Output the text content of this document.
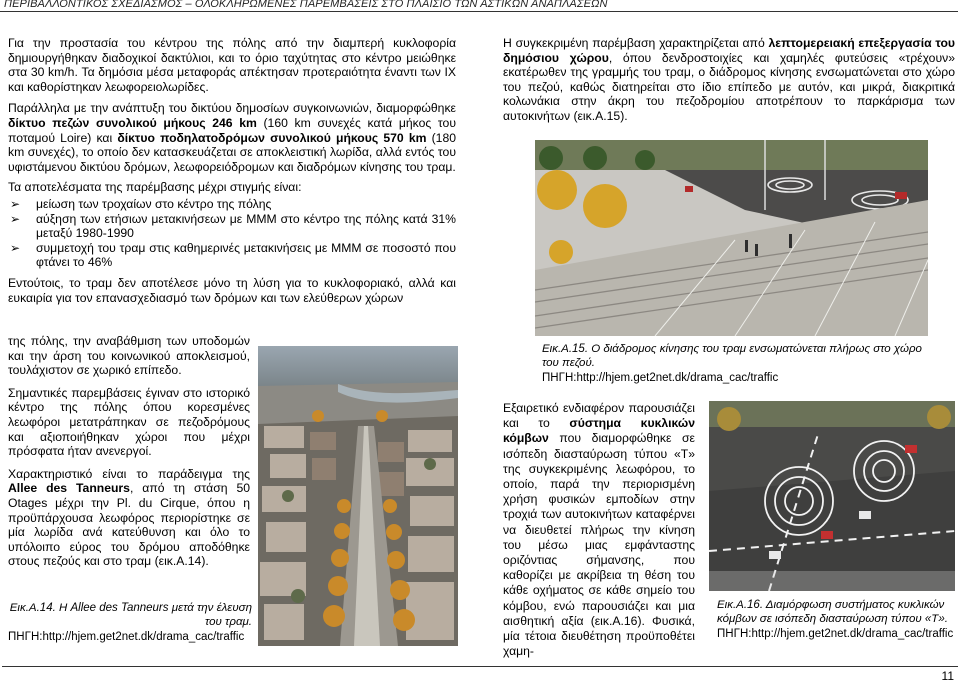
ΠΕΡΙΒΑΛΛΟΝΤΙΚΟΣ ΣΧΕΔΙΑΣΜΟΣ – ΟΛΟΚΛΗΡΩΜΕΝΕΣ ΠΑΡΕΜΒΑΣΕΙΣ ΣΤΟ ΠΛΑΙΣΙΟ ΤΩΝ ΑΣΤΙΚΩΝ ΑΝΑΠΛΑΣΕΩΝ

Για την προστασία του κέντρου της πόλης από την διαμπερή κυκλοφορία δημιουργήθηκαν διαδοχικοί δακτύλιοι, και το όριο ταχύτητας στο κέντρο μειώθηκε στα 30 km/h. Τα δημόσια μέσα μεταφοράς απέκτησαν προτεραιότητα έναντι των ΙΧ και καθορίστηκαν λεωφορειολωρίδες.

Παράλληλα με την ανάπτυξη του δικτύου δημοσίων συγκοινωνιών, διαμορφώθηκε δίκτυο πεζών συνολικού μήκους 246 km (160 km συνεχές κατά μήκος του ποταμού Loire) και δίκτυο ποδηλατοδρόμων συνολικού μήκους 570 km (180 km συνεχές), το οποίο δεν κατασκευάζεται σε αποκλειστική λωρίδα, αλλά εντός του υφιστάμενου δικτύου δρόμων, λεωφορειόδρομων και διαδρόμων κίνησης του τραμ.

Τα αποτελέσματα της παρέμβασης μέχρι στιγμής είναι:

➢ μείωση των τροχαίων στο κέντρο της πόλης
➢ αύξηση των ετήσιων μετακινήσεων με ΜΜΜ στο κέντρο της πόλης κατά 31% μεταξύ 1980-1990
➢ συμμετοχή του τραμ στις καθημερινές μετακινήσεις με ΜΜΜ σε ποσοστό που φτάνει το 46%

Εντούτοις, το τραμ δεν αποτέλεσε μόνο τη λύση για το κυκλοφοριακό, αλλά και ευκαιρία για τον επανασχεδιασμό των δρόμων και των ελεύθερων χώρων

της πόλης, την αναβάθμιση των υποδομών και την άρση του κοινωνικού αποκλεισμού, τουλάχιστον σε χωρικό επίπεδο.

Σημαντικές παρεμβάσεις έγιναν στο ιστορικό κέντρο της πόλης όπου κορεσμένες λεωφόροι μετατράπηκαν σε πεζοδρόμους και αξιοποιήθηκαν χώροι που μέχρι πρόσφατα ήταν ανενεργοί.

Χαρακτηριστικό είναι το παράδειγμα της Allee des Tanneurs, από τη στάση 50 Otages μέχρι την Pl. du Cirque, όπου η προϋπάρχουσα λεωφόρος περιορίστηκε σε μία λωρίδα ανά κατεύθυνση και όλο το υπόλοιπο εύρος του δρόμου αποδόθηκε στους πεζούς και στο τραμ (εικ.Α.14).

Εικ.Α.14. Η Allee des Tanneurs μετά την έλευση του τραμ.
ΠΗΓΗ:http://hjem.get2net.dk/drama_cac/traffic

Η συγκεκριμένη παρέμβαση χαρακτηρίζεται από λεπτομερειακή επεξεργασία του δημόσιου χώρου, όπου δενδροστοιχίες και χαμηλές φυτεύσεις «τρέχουν» εκατέρωθεν της γραμμής του τραμ, ο διάδρομος κίνησης ενσωματώνεται στο χώρο του πεζού, καθώς διατηρείται στο ίδιο επίπεδο με αυτόν, και μικρά, διακριτικά κολωνάκια στην άκρη του πεζοδρομίου αποτρέπουν το παρκάρισμα των αυτοκινήτων (εικ.Α.15).

Εικ.Α.15. Ο διάδρομος κίνησης του τραμ ενσωματώνεται πλήρως στο χώρο του πεζού.
ΠΗΓΗ:http://hjem.get2net.dk/drama_cac/traffic

Εξαιρετικό ενδιαφέρον παρουσιάζει και το σύστημα κυκλικών κόμβων που διαμορφώθηκε σε ισόπεδη διασταύρωση τύπου «Τ» της συγκεκριμένης λεωφόρου, το οποίο, παρά την περιορισμένη χρήση φυσικών εμποδίων στην τροχιά των αυτοκινήτων καταφέρνει να διευθετεί πλήρως την κίνηση του μέσω μιας εμφάνταστης οριζόντιας σήμανσης, που καθορίζει με ακρίβεια τη θέση του κάθε οχήματος σε κάθε σημείο του κόμβου, ενώ παρουσιάζει και μια αισθητική αξία (εικ.Α.16). Φυσικά, μία τέτοια διευθέτηση προϋποθέτει χαμη-

Εικ.Α.16. Διαμόρφωση συστήματος κυκλικών κόμβων σε ισόπεδη διασταύρωση τύπου «Τ».
ΠΗΓΗ:http://hjem.get2net.dk/drama_cac/traffic
11
